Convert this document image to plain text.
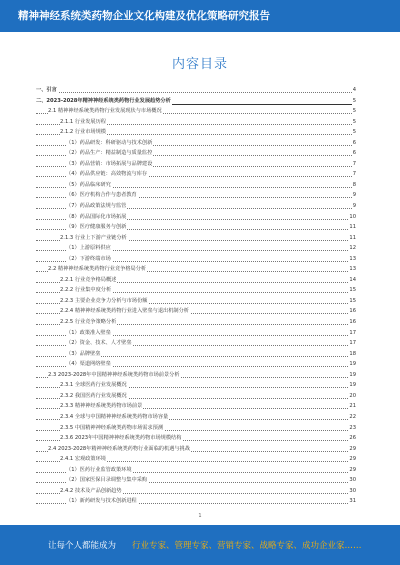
精神神经系统类药物企业文化构建及优化策略研究报告
内容目录
一、引言	4
二、2023-2028年精神神经系统类药物行业发展趋势分析	5
2.1 精神神经系统类药物行业发展现状与市场概况	5
2.1.1 行业发展历程	5
2.1.2 行业市场规模	5
（1）药品研发：科研驱动与技术创新	6
（2）药品生产：精益制造与质量监控	6
（3）药品营销：市场拓展与品牌建设	7
（4）药品供应链：高效物流与库存	7
（5）药品临床研究	8
（6）医疗机构合作与患者教育	9
（7）药品政策法规与监管	9
（8）药品国际化市场拓展	10
（9）医疗健康服务与创新	11
2.1.3 行业上下游产业链分析	11
（1）上游原料供应	12
（2）下游终端市场	13
2.2 精神神经系统类药物行业竞争格局分析	13
2.2.1 行业竞争格局概述	14
2.2.2 行业集中度分析	15
2.2.3 主要企业竞争力分析与市场份额	15
2.2.4 精神神经系统类药物行业进入壁垒与退出机制分析	16
2.2.5 行业竞争策略分析	16
（1）政策准入壁垒	17
（2）资金、技术、人才壁垒	17
（3）品牌壁垒	18
（4）渠道网络壁垒	19
2.3 2023-2028年中国精神神经系统类药物市场前景分析	19
2.3.1 全球医药行业发展概况	19
2.3.2 我国医药行业发展概况	20
2.3.3 精神神经系统类药物市场前景	21
2.3.4 全球与中国精神神经系统类药物市场容量	22
2.3.5 中国精神神经系统类药物市场需求预测	23
2.3.6 2023年中国精神神经系统类药物市场规模结构	26
2.4 2023-2028年精神神经系统类药物行业面临的机遇与挑战	29
2.4.1 宏观政策环境	29
（1）医药行业监管政策环境	29
（2）国家医保目录调整与集中采购	30
2.4.2 技术及产品创新趋势	30
（1）新药研发与技术创新进程	31
1
让每个人都能成为 行业专家、管理专家、营销专家、战略专家、成功企业家……
